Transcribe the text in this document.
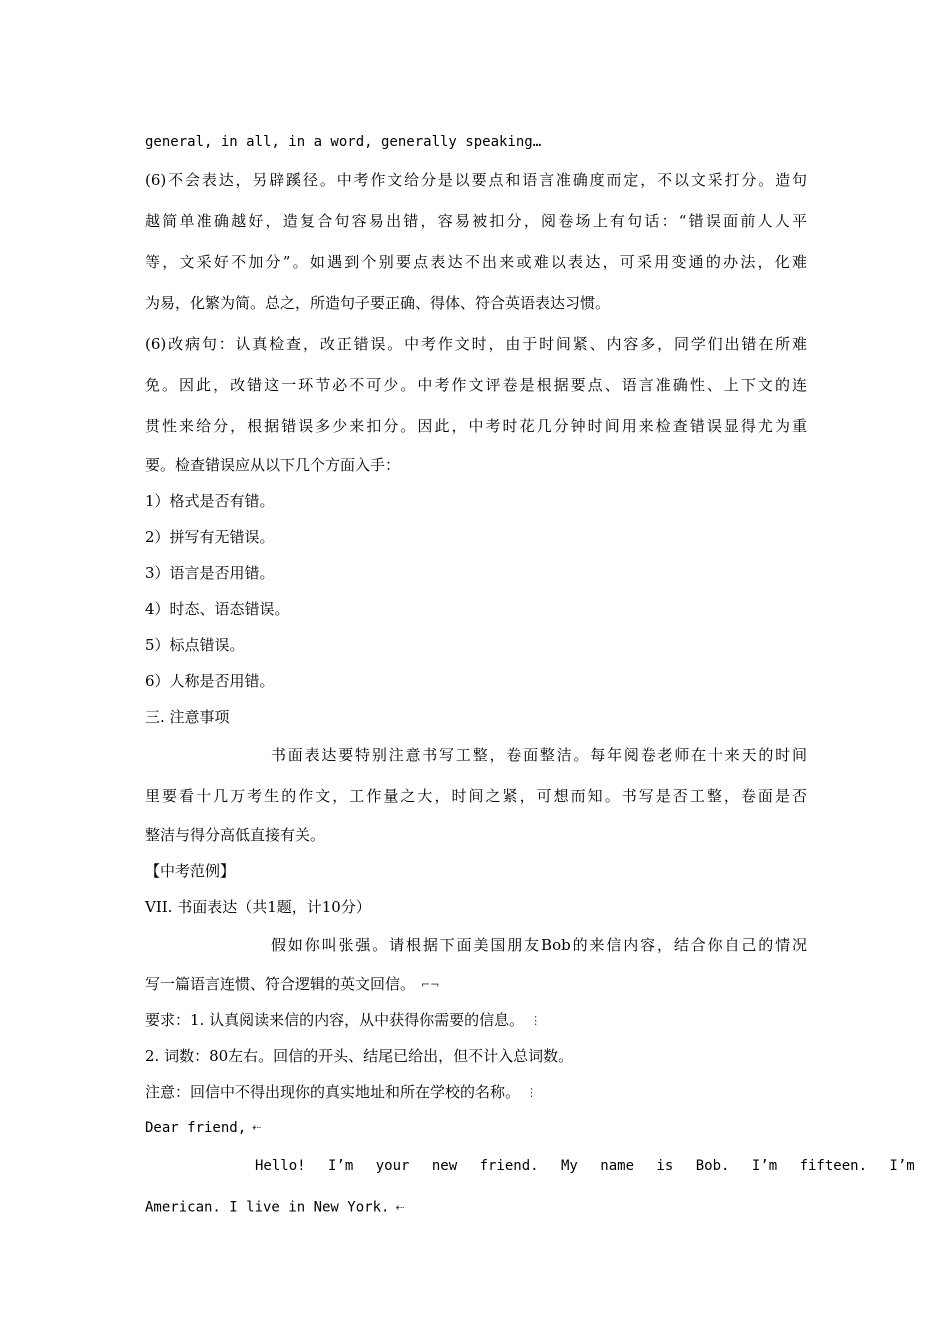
general, in all, in a word, generally speaking…
(6)不会表达，另辟蹊径。中考作文给分是以要点和语言准确度而定，不以文采打分。造句
越简单准确越好，造复合句容易出错，容易被扣分，阅卷场上有句话：“错误面前人人平
等，文采好不加分”。如遇到个别要点表达不出来或难以表达，可采用变通的办法，化难
为易，化繁为简。总之，所造句子要正确、得体、符合英语表达习惯。
(6)改病句：认真检查，改正错误。中考作文时，由于时间紧、内容多，同学们出错在所难
免。因此，改错这一环节必不可少。中考作文评卷是根据要点、语言准确性、上下文的连
贯性来给分，根据错误多少来扣分。因此，中考时花几分钟时间用来检查错误显得尤为重
要。检查错误应从以下几个方面入手：
1）格式是否有错。
2）拼写有无错误。
3）语言是否用错。
4）时态、语态错误。
5）标点错误。
6）人称是否用错。
三. 注意事项
书面表达要特别注意书写工整，卷面整洁。每年阅卷老师在十来天的时间
里要看十几万考生的作文，工作量之大，时间之紧，可想而知。书写是否工整，卷面是否
整洁与得分高低直接有关。
【中考范例】
VII. 书面表达（共1题，计10分）
假如你叫张强。请根据下面美国朋友Bob的来信内容，结合你自己的情况
写一篇语言连惯、符合逻辑的英文回信。 ⌐¬
要求：1. 认真阅读来信的内容，从中获得你需要的信息。 ⋮
2. 词数：80左右。回信的开头、结尾已给出，但不计入总词数。
注意：回信中不得出现你的真实地址和所在学校的名称。 ⋮
Dear friend, ⇠
Hello! I’m your new friend. My name is Bob. I’m fifteen. I’m
American. I live in New York. ⇠
